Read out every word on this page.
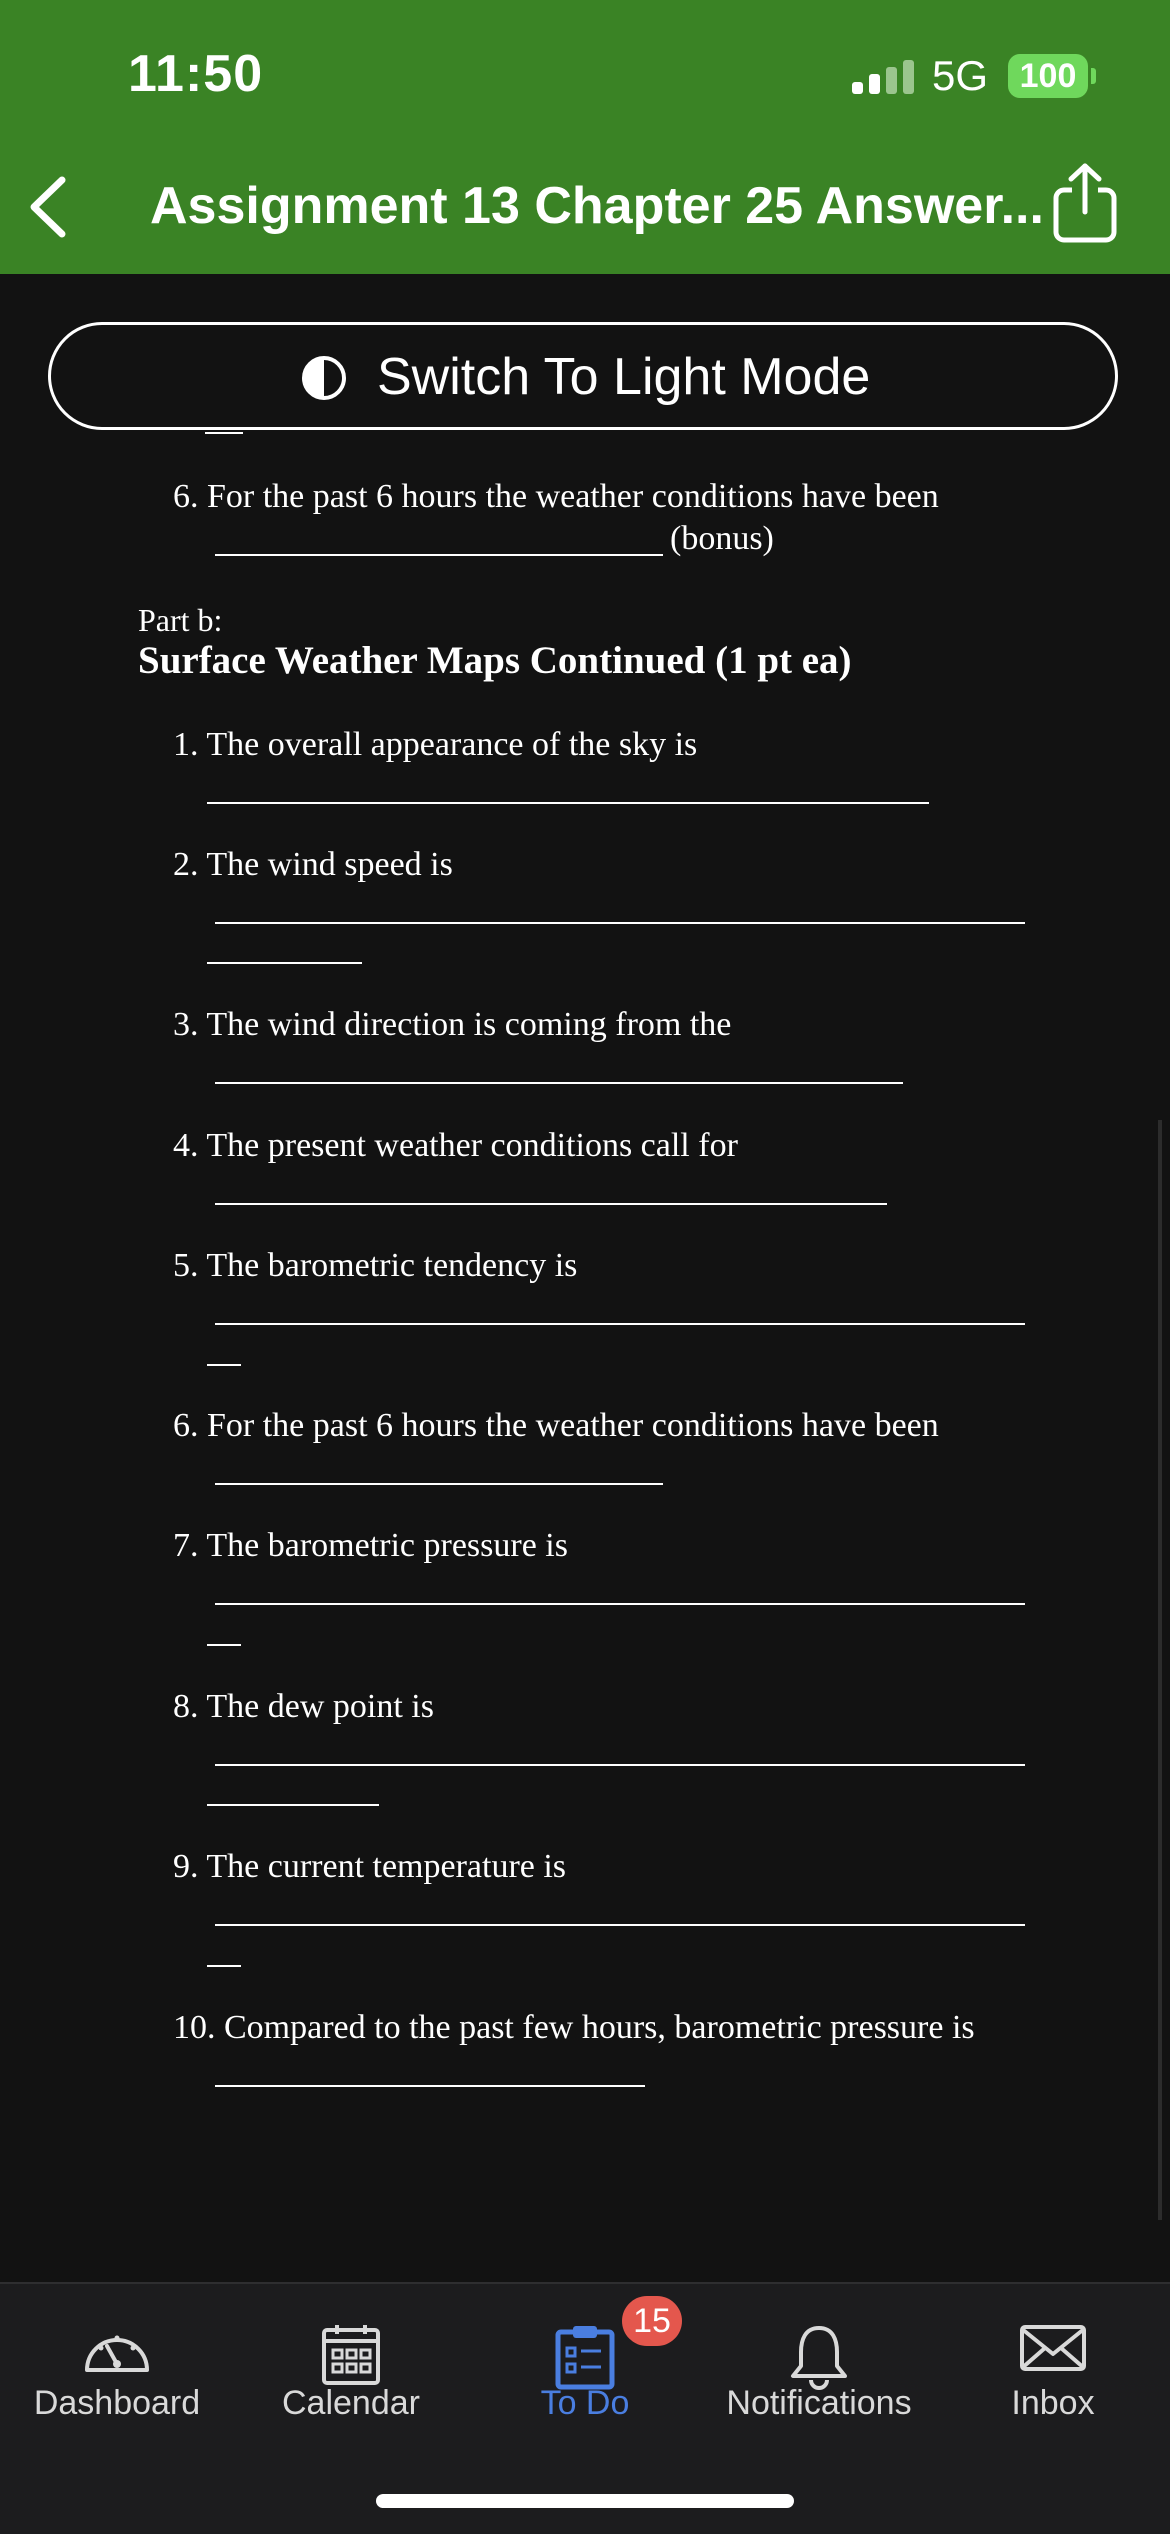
11:50	5G 100
Assignment 13 Chapter 25 Answer...
Switch To Light Mode
6. For the past 6 hours the weather conditions have been
(bonus)
Part b:
Surface Weather Maps Continued (1 pt ea)
1. The overall appearance of the sky is
2. The wind speed is
3. The wind direction is coming from the
4. The present weather conditions call for
5. The barometric tendency is
6. For the past 6 hours the weather conditions have been
7. The barometric pressure is
8. The dew point is
9. The current temperature is
10. Compared to the past few hours, barometric pressure is
Dashboard	Calendar
15
To Do	Notifications	Inbox
